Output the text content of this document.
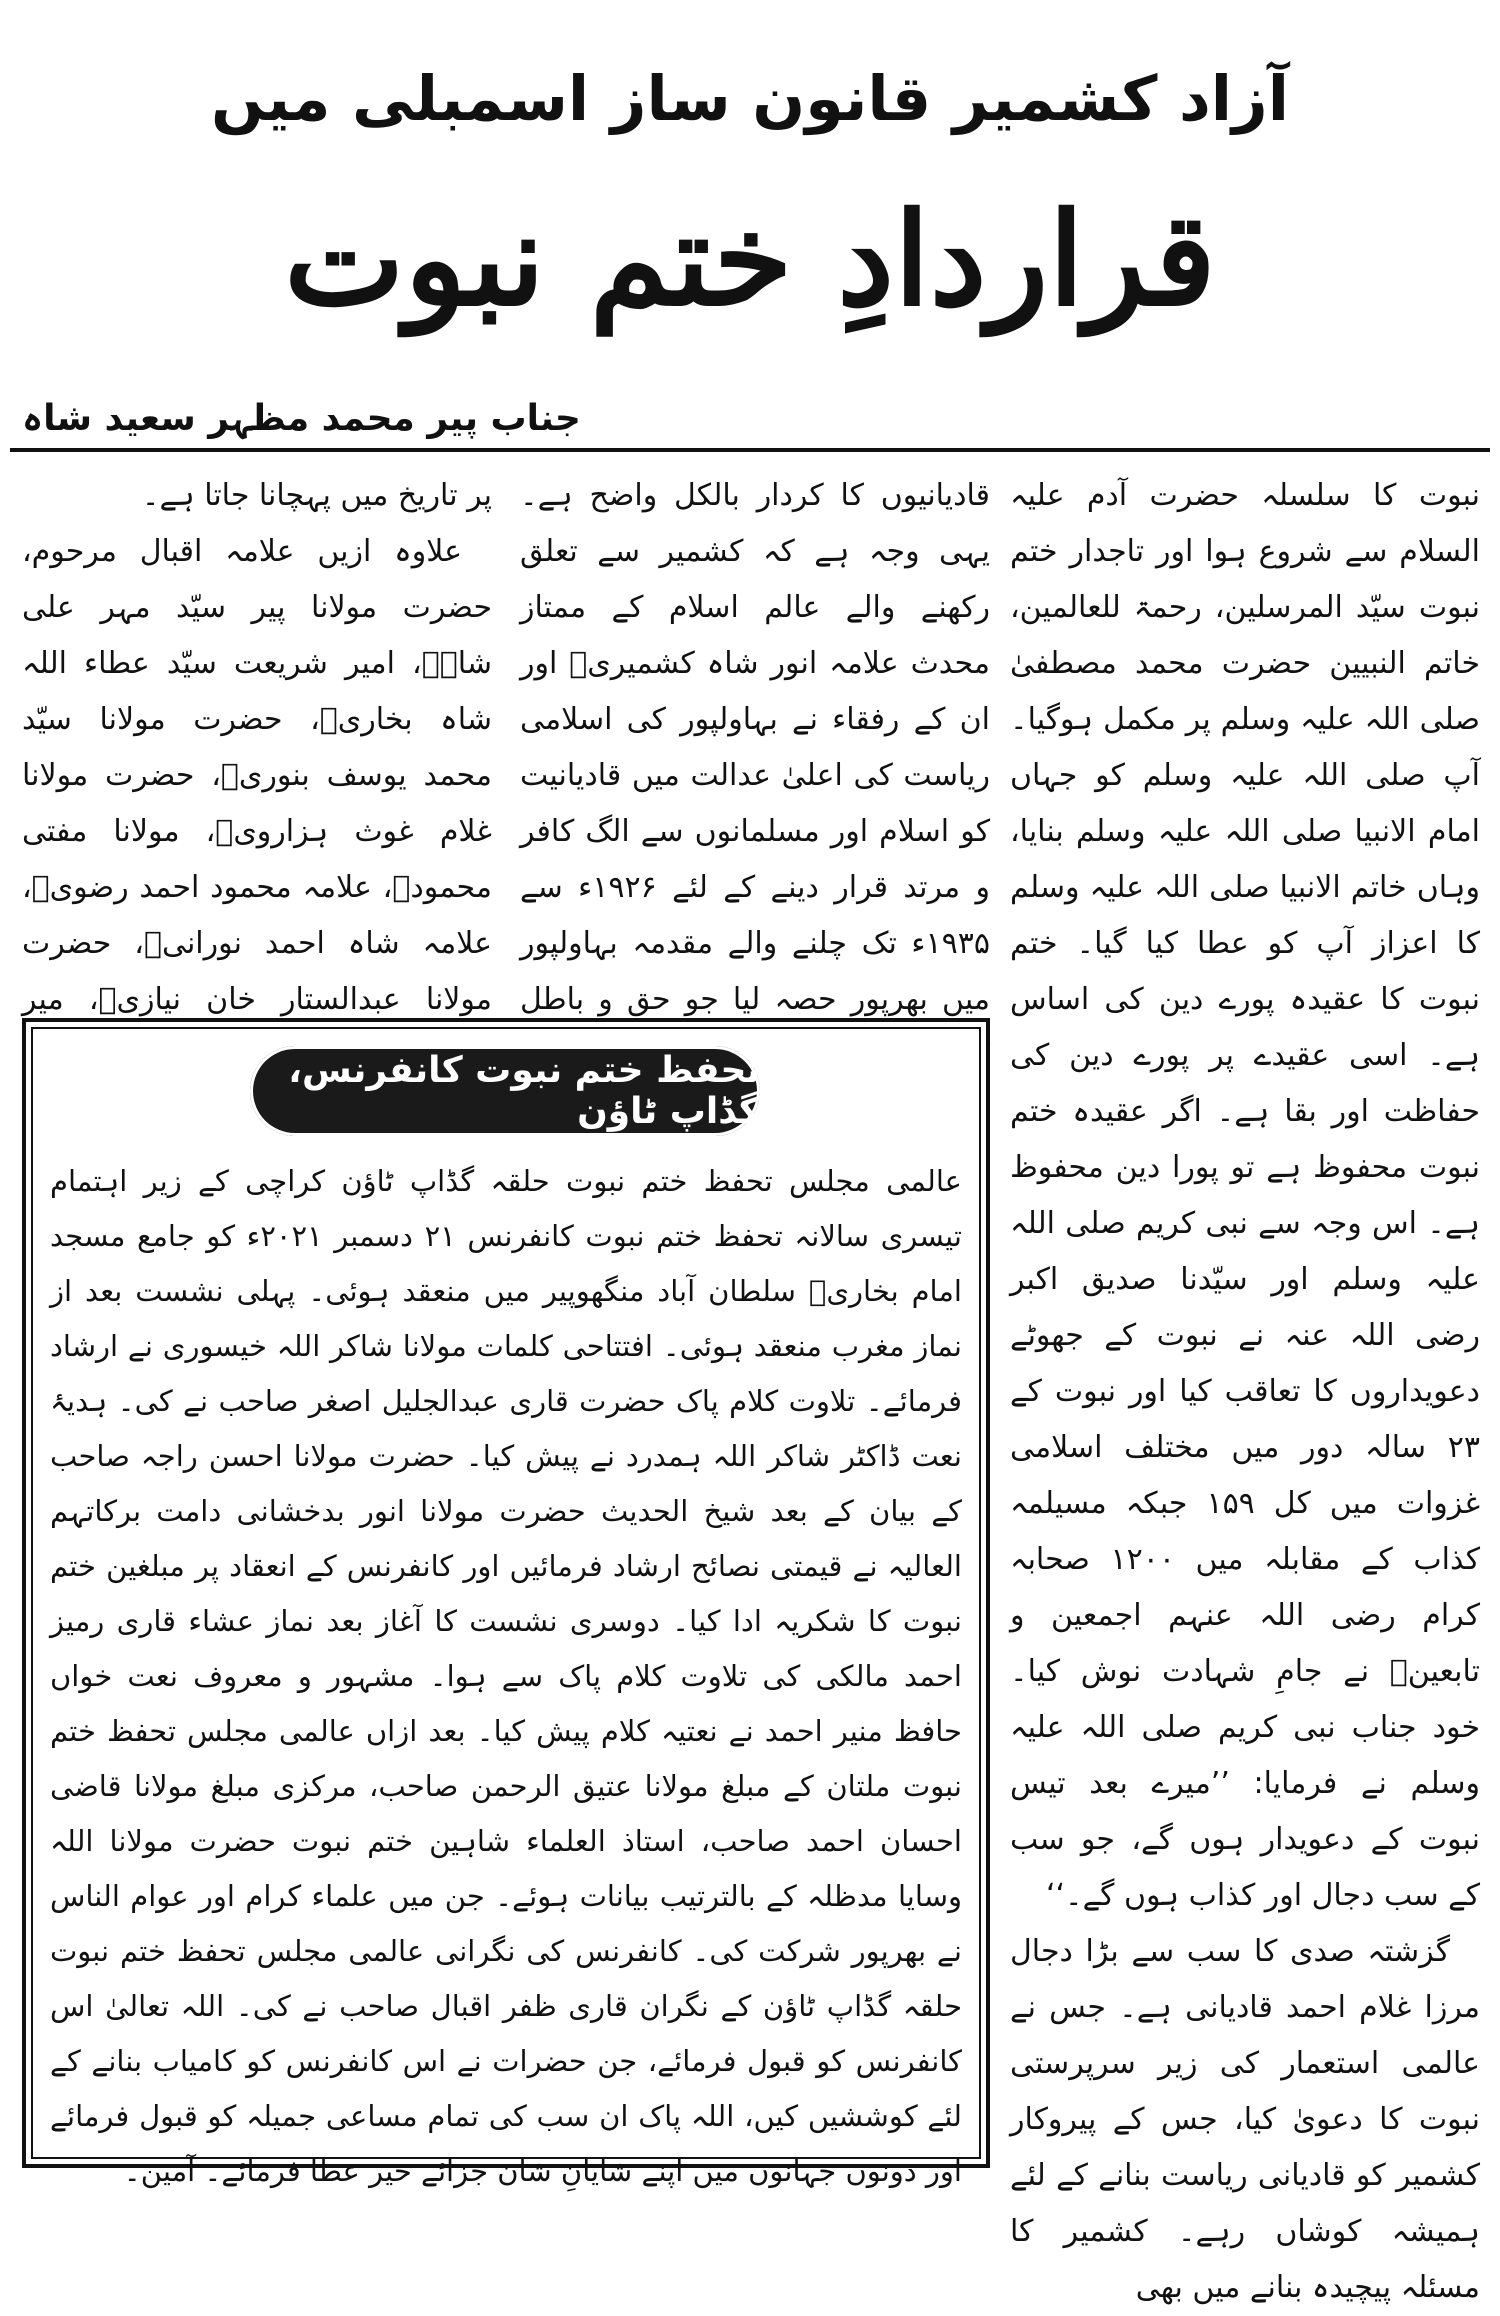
آزاد کشمیر قانون ساز اسمبلی میں
قراردادِ ختم نبوت
جناب پیر محمد مظہر سعید شاہ

نبوت کا سلسلہ حضرت آدم علیہ السلام سے شروع ہوا اور تاجدار ختم نبوت سیّد المرسلین، رحمۃ للعالمین، خاتم النبیین حضرت محمد مصطفیٰ صلی اللہ علیہ وسلم پر مکمل ہوگیا۔ آپ صلی اللہ علیہ وسلم کو جہاں امام الانبیا صلی اللہ علیہ وسلم بنایا، وہاں خاتم الانبیا صلی اللہ علیہ وسلم کا اعزاز آپ کو عطا کیا گیا۔ ختم نبوت کا عقیدہ پورے دین کی اساس ہے۔ اسی عقیدے پر پورے دین کی حفاظت اور بقا ہے۔ اگر عقیدہ ختم نبوت محفوظ ہے تو پورا دین محفوظ ہے۔ اس وجہ سے نبی کریم صلی اللہ علیہ وسلم اور سیّدنا صدیق اکبر رضی اللہ عنہ نے نبوت کے جھوٹے دعویداروں کا تعاقب کیا اور نبوت کے ۲۳ سالہ دور میں مختلف اسلامی غزوات میں کل ۱۵۹ جبکہ مسیلمہ کذاب کے مقابلہ میں ۱۲۰۰ صحابہ کرام رضی اللہ عنہم اجمعین و تابعینؒ نے جامِ شہادت نوش کیا۔ خود جناب نبی کریم صلی اللہ علیہ وسلم نے فرمایا: ’’میرے بعد تیس نبوت کے دعویدار ہوں گے، جو سب کے سب دجال اور کذاب ہوں گے۔‘‘

گزشتہ صدی کا سب سے بڑا دجال مرزا غلام احمد قادیانی ہے۔ جس نے عالمی استعمار کی زیر سرپرستی نبوت کا دعویٰ کیا، جس کے پیروکار کشمیر کو قادیانی ریاست بنانے کے لئے ہمیشہ کوشاں رہے۔ کشمیر کا مسئلہ پیچیدہ بنانے میں بھی

قادیانیوں کا کردار بالکل واضح ہے۔ یہی وجہ ہے کہ کشمیر سے تعلق رکھنے والے عالم اسلام کے ممتاز محدث علامہ انور شاہ کشمیریؒ اور ان کے رفقاء نے بہاولپور کی اسلامی ریاست کی اعلیٰ عدالت میں قادیانیت کو اسلام اور مسلمانوں سے الگ کافر و مرتد قرار دینے کے لئے ۱۹۲۶ء سے ۱۹۳۵ء تک چلنے والے مقدمہ بہاولپور میں بھرپور حصہ لیا جو حق و باطل

پر تاریخ میں پہچانا جاتا ہے۔

علاوہ ازیں علامہ اقبال مرحوم، حضرت مولانا پیر سیّد مہر علی شاہؒ، امیر شریعت سیّد عطاء اللہ شاہ بخاریؒ، حضرت مولانا سیّد محمد یوسف بنوریؒ، حضرت مولانا غلام غوث ہزارویؒ، مولانا مفتی محمودؒ، علامہ محمود احمد رضویؒ، علامہ شاہ احمد نورانیؒ، حضرت مولانا عبدالستار خان نیازیؒ، میر

تحفظ ختم نبوت کانفرنس، گڈاپ ٹاؤن
عالمی مجلس تحفظ ختم نبوت حلقہ گڈاپ ٹاؤن کراچی کے زیر اہتمام تیسری سالانہ تحفظ ختم نبوت کانفرنس ۲۱ دسمبر ۲۰۲۱ء کو جامع مسجد امام بخاریؒ سلطان آباد منگھوپیر میں منعقد ہوئی۔ پہلی نشست بعد از نماز مغرب منعقد ہوئی۔ افتتاحی کلمات مولانا شاکر اللہ خیسوری نے ارشاد فرمائے۔ تلاوت کلام پاک حضرت قاری عبدالجلیل اصغر صاحب نے کی۔ ہدیۂ نعت ڈاکٹر شاکر اللہ ہمدرد نے پیش کیا۔ حضرت مولانا احسن راجہ صاحب کے بیان کے بعد شیخ الحدیث حضرت مولانا انور بدخشانی دامت برکاتہم العالیہ نے قیمتی نصائح ارشاد فرمائیں اور کانفرنس کے انعقاد پر مبلغین ختم نبوت کا شکریہ ادا کیا۔ دوسری نشست کا آغاز بعد نماز عشاء قاری رمیز احمد مالکی کی تلاوت کلام پاک سے ہوا۔ مشہور و معروف نعت خواں حافظ منیر احمد نے نعتیہ کلام پیش کیا۔ بعد ازاں عالمی مجلس تحفظ ختم نبوت ملتان کے مبلغ مولانا عتیق الرحمن صاحب، مرکزی مبلغ مولانا قاضی احسان احمد صاحب، استاذ العلماء شاہین ختم نبوت حضرت مولانا اللہ وسایا مدظلہ کے بالترتیب بیانات ہوئے۔ جن میں علماء کرام اور عوام الناس نے بھرپور شرکت کی۔ کانفرنس کی نگرانی عالمی مجلس تحفظ ختم نبوت حلقہ گڈاپ ٹاؤن کے نگران قاری ظفر اقبال صاحب نے کی۔ اللہ تعالیٰ اس کانفرنس کو قبول فرمائے، جن حضرات نے اس کانفرنس کو کامیاب بنانے کے لئے کوششیں کیں، اللہ پاک ان سب کی تمام مساعی جمیلہ کو قبول فرمائے اور دونوں جہانوں میں اپنے شایانِ شان جزائے خیر عطا فرمائے۔ آمین۔
